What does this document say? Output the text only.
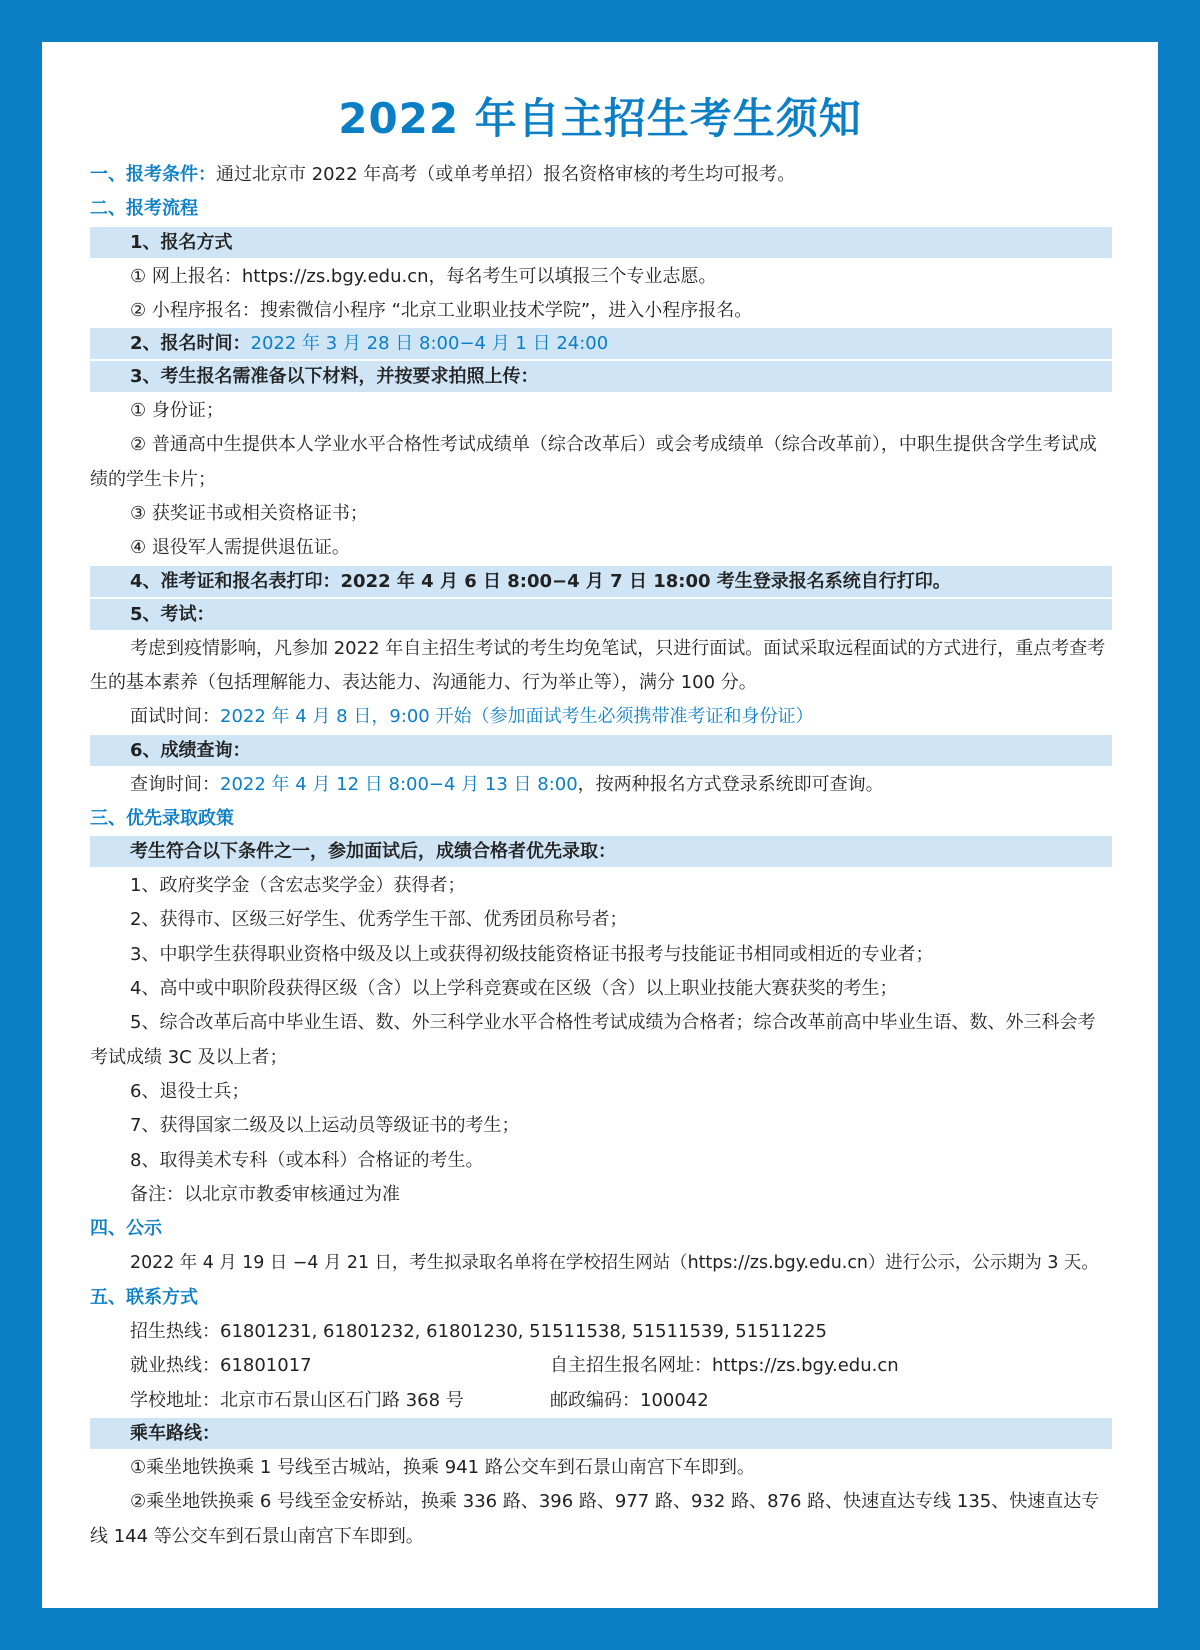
2022 年自主招生考生须知
一、报考条件：通过北京市 2022 年高考（或单考单招）报名资格审核的考生均可报考。
二、报考流程
1、报名方式
① 网上报名：https://zs.bgy.edu.cn，每名考生可以填报三个专业志愿。
② 小程序报名：搜索微信小程序 “北京工业职业技术学院”，进入小程序报名。
2、报名时间：2022 年 3 月 28 日 8:00−4 月 1 日 24:00
3、考生报名需准备以下材料，并按要求拍照上传：
① 身份证；
② 普通高中生提供本人学业水平合格性考试成绩单（综合改革后）或会考成绩单（综合改革前），中职生提供含学生考试成绩的学生卡片；
③ 获奖证书或相关资格证书；
④ 退役军人需提供退伍证。
4、准考证和报名表打印：2022 年 4 月 6 日 8:00−4 月 7 日 18:00 考生登录报名系统自行打印。
5、考试：
考虑到疫情影响，凡参加 2022 年自主招生考试的考生均免笔试，只进行面试。面试采取远程面试的方式进行，重点考查考生的基本素养（包括理解能力、表达能力、沟通能力、行为举止等），满分 100 分。
面试时间：2022 年 4 月 8 日，9:00 开始（参加面试考生必须携带准考证和身份证）
6、成绩查询：
查询时间：2022 年 4 月 12 日 8:00−4 月 13 日 8:00，按两种报名方式登录系统即可查询。
三、优先录取政策
考生符合以下条件之一，参加面试后，成绩合格者优先录取：
1、政府奖学金（含宏志奖学金）获得者；
2、获得市、区级三好学生、优秀学生干部、优秀团员称号者；
3、中职学生获得职业资格中级及以上或获得初级技能资格证书报考与技能证书相同或相近的专业者；
4、高中或中职阶段获得区级（含）以上学科竞赛或在区级（含）以上职业技能大赛获奖的考生；
5、综合改革后高中毕业生语、数、外三科学业水平合格性考试成绩为合格者；综合改革前高中毕业生语、数、外三科会考考试成绩 3C 及以上者；
6、退役士兵；
7、获得国家二级及以上运动员等级证书的考生；
8、取得美术专科（或本科）合格证的考生。
备注：以北京市教委审核通过为准
四、公示
2022 年 4 月 19 日 −4 月 21 日，考生拟录取名单将在学校招生网站（https://zs.bgy.edu.cn）进行公示，公示期为 3 天。
五、联系方式
招生热线：61801231, 61801232, 61801230, 51511538, 51511539, 51511225
就业热线：61801017	自主招生报名网址：https://zs.bgy.edu.cn
学校地址：北京市石景山区石门路 368 号	邮政编码：100042
乘车路线：
①乘坐地铁换乘 1 号线至古城站，换乘 941 路公交车到石景山南宫下车即到。
②乘坐地铁换乘 6 号线至金安桥站，换乘 336 路、396 路、977 路、932 路、876 路、快速直达专线 135、快速直达专线 144 等公交车到石景山南宫下车即到。
